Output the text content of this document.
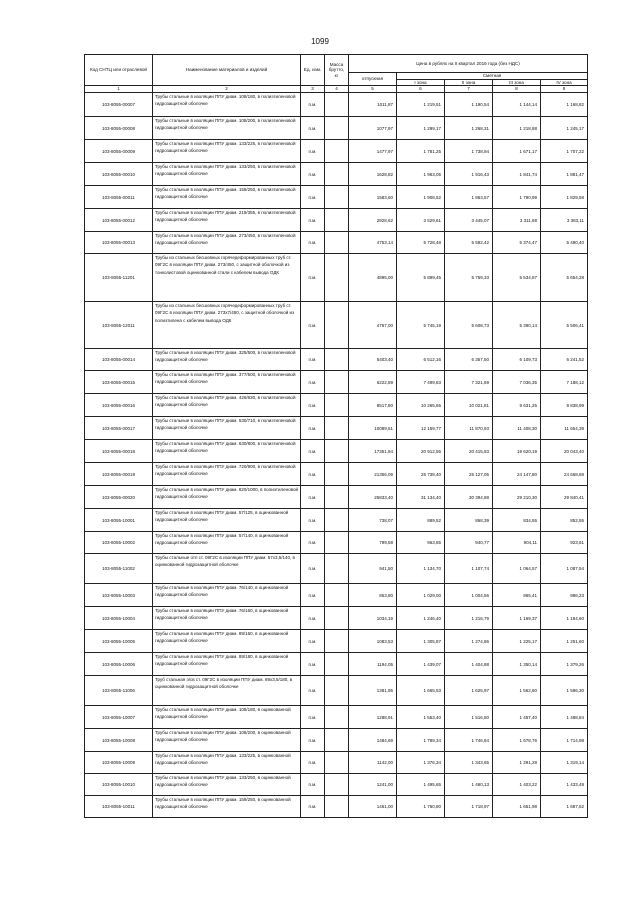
1099
Код СНТЦ или отраслевой	Наименование материалов и изделий	Ед. изм.	Масса брутто, кг	Цена в рублях на II квартал 2016 года (без НДС)				
				отпускная	Сметная			
					I зона	II зона	III зона	IV зона
1	2	3	4	5	6	7	8	9
103-8055-00007	Трубы стальные в изоляции ППУ диам. 108/180, в полиэтиленовой гидрозащитной оболочке	п.м.		1011,87	1 219,51	1 190,54	1 144,14	1 168,82
103-8055-00008	Трубы стальные в изоляции ППУ диам. 108/200, в полиэтиленовой гидрозащитной оболочке	п.м.		1077,97	1 299,17	1 268,31	1 218,88	1 245,17
103-8055-00009	Трубы стальные в изоляции ППУ диам. 133/225, в полиэтиленовой гидрозащитной оболочке	п.м.		1477,97	1 781,25	1 738,94	1 671,17	1 707,22
103-8055-00010	Трубы стальные в изоляции ППУ диам. 133/250, в полиэтиленовой гидрозащитной оболочке	п.м.		1628,82	1 963,05	1 916,43	1 841,74	1 881,47
103-8055-00011	Трубы стальные в изоляции ППУ диам. 159/250, в полиэтиленовой гидрозащитной оболочке	п.м.		1583,60	1 908,52	1 863,57	1 790,99	1 829,58
103-8055-00012	Трубы стальные в изоляции ППУ диам. 219/355, в полиэтиленовой гидрозащитной оболочке	п.м.		2928,62	3 529,61	3 445,07	3 311,68	3 383,11
103-8055-00013	Трубы стальные в изоляции ППУ диам. 273/450, в полиэтиленовой гидрозащитной оболочке	п.м.		4753,14	5 728,48	5 592,42	5 374,47	5 490,40
103-8055-11201	Трубы из стальных бесшовных горячедеформированных труб ст. 09Г2С в изоляции ППУ диам. 273/450, с защитной оболочкой из тонколистовой оцинкованной стали с кабелем вывода ОДК	п.м.		4895,00	5 899,45	5 759,33	5 534,87	5 654,28
103-8055-12011	Трубы из стальных бесшовных горячедеформированных труб ст. 09Г2С в изоляции ППУ диам. 273х7/450, с защитной оболочкой из полиэтилена с кабелем вывода ОДК	п.м.		4767,00	5 745,19	5 608,73	5 390,14	5 506,41
103-8055-00014	Трубы стальные в изоляции ППУ диам. 325/500, в полиэтиленовой гидрозащитной оболочке	п.м.		5403,40	6 512,16	6 357,50	6 109,73	6 241,52
103-8055-00015	Трубы стальные в изоляции ППУ диам. 377/500, в полиэтиленовой гидрозащитной оболочке	п.м.		6222,89	7 499,83	7 321,69	7 036,35	7 188,12
103-8055-00016	Трубы стальные в изоляции ППУ диам. 426/630, в полиэтиленовой гидрозащитной оболочке	п.м.		8517,80	10 265,65	10 021,81	9 631,25	9 838,99
103-8055-00017	Трубы стальные в изоляции ППУ диам. 530/710, в полиэтиленовой гидрозащитной оболочке	п.м.		10089,51	12 159,77	11 870,93	11 408,30	11 654,39
103-8055-00018	Трубы стальные в изоляции ППУ диам. 630/800, в полиэтиленовой гидрозащитной оболочке	п.м.		17351,94	20 912,56	20 415,83	19 620,19	20 043,40
103-8055-00019	Трубы стальные в изоляции ППУ диам. 720/900, в полиэтиленовой гидрозащитной оболочке	п.м.		21356,09	25 738,40	25 127,05	24 147,80	24 668,68
103-8055-00020	Трубы стальные в изоляции ППУ диам. 820/1000, в полиэтиленовой гидрозащитной оболочке	п.м.		25833,40	31 134,40	30 394,88	29 210,30	29 840,41
103-8055-10001	Трубы стальные в изоляции ППУ диам. 57/125, в оцинкованной гидрозащитной оболочке	п.м.		738,07	889,52	868,39	834,55	852,55
103-8055-10002	Трубы стальные в изоляции ППУ диам. 57/140, в оцинкованной гидрозащитной оболочке	п.м.		799,58	963,65	940,77	904,11	923,61
103-8055-11002	Трубы стальные отп ст. 09Г2С в изоляции ППУ диам. 57х3,5/140, в оцинкованной гидрозащитной оболочке	п.м.		941,50	1 134,70	1 107,74	1 064,57	1 087,54
103-8055-10003	Трубы стальные в изоляции ППУ диам. 76/140, в оцинкованной гидрозащитной оболочке	п.м.		853,80	1 029,00	1 004,56	965,41	986,23
103-8055-10004	Трубы стальные в изоляции ППУ диам. 76/160, в оцинкованной гидрозащитной оболочке	п.м.		1034,19	1 246,40	1 216,79	1 169,37	1 194,60
103-8055-10005	Трубы стальные в изоляции ППУ диам. 89/160, в оцинкованной гидрозащитной оболочке	п.м.		1083,53	1 305,87	1 274,86	1 225,17	1 251,60
103-8055-10006	Трубы стальные в изоляции ППУ диам. 89/180, в оцинкованной гидрозащитной оболочке	п.м.		1194,05	1 439,07	1 404,88	1 350,14	1 379,26
103-8055-11006	Труб стальная э/св ст. 09Г2С в изоляции ППУ диам. 89х3,5/180, в оцинкованной гидрозащитной оболочке	п.м.		1381,95	1 665,53	1 625,97	1 562,60	1 596,30
103-8055-10007	Трубы стальные в изоляции ППУ диам. 108/180, в оцинкованной гидрозащитной оболочке	п.м.		1288,91	1 553,40	1 516,50	1 457,40	1 488,84
103-8055-10008	Трубы стальные в изоляции ППУ диам. 108/200, в оцинкованной гидрозащитной оболочке	п.м.		1484,69	1 789,34	1 746,84	1 678,76	1 714,98
103-8055-10009	Трубы стальные в изоляции ППУ диам. 133/225, в оцинкованной гидрозащитной оболочке	п.м.		1142,00	1 376,34	1 343,65	1 291,28	1 319,14
103-8055-10010	Трубы стальные в изоляции ППУ диам. 133/250, в оцинкованной гидрозащитной оболочке	п.м.		1241,00	1 495,65	1 460,13	1 403,22	1 433,48
103-8055-10011	Трубы стальные в изоляции ППУ диам. 159/250, в оцинкованной гидрозащитной оболочке	п.м.		1461,00	1 760,80	1 718,97	1 651,98	1 687,62
